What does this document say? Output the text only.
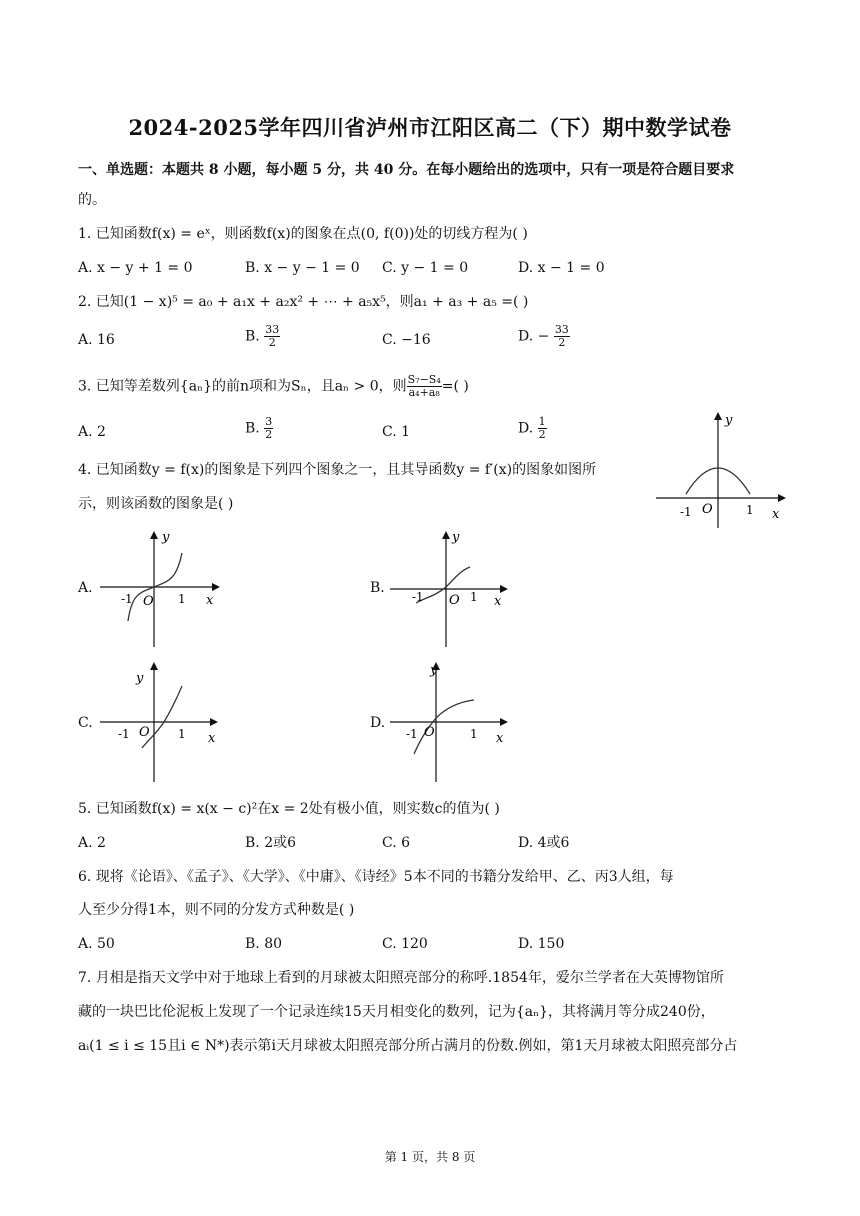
2024-2025学年四川省泸州市江阳区高二（下）期中数学试卷
一、单选题：本题共 8 小题，每小题 5 分，共 40 分。在每小题给出的选项中，只有一项是符合题目要求
的。
1. 已知函数f(x) = eˣ，则函数f(x)的图象在点(0, f(0))处的切线方程为( )
A. x − y + 1 = 0	B. x − y − 1 = 0 C. y − 1 = 0	D. x − 1 = 0
2. 已知(1 − x)⁵ = a₀ + a₁x + a₂x² + ⋯ + a₅x⁵，则a₁ + a₃ + a₅ =( )
A. 16	B. $\frac{33}{2}$	C. −16	D. − $\frac{33}{2}$
3. 已知等差数列{aₙ}的前n项和为Sₙ，且aₙ > 0，则 $\frac{\text{S₇−S₄}}{\text{a₄+a₈}}$ =( )
A. 2	B. $\frac{3}{2}$	C. 1	D. $\frac{1}{2}$
4. 已知函数y = f(x)的图象是下列四个图象之一，且其导函数y = f′(x)的图象如图所
示，则该函数的图象是( )
y
x
O
-1	1
A.
y
x
O
-1	1
B.
y
x
O
-1	1
C.
y
x
O
-1	1
D.
y
x
O
-1	1
5. 已知函数f(x) = x(x − c)²在x = 2处有极小值，则实数c的值为( )
A. 2	B. 2或6	C. 6	D. 4或6
6. 现将《论语》、《孟子》、《大学》、《中庸》、《诗经》5本不同的书籍分发给甲、乙、丙3人组，每
人至少分得1本，则不同的分发方式种数是( )
A. 50	B. 80	C. 120	D. 150
7. 月相是指天文学中对于地球上看到的月球被太阳照亮部分的称呼.1854年，爱尔兰学者在大英博物馆所
藏的一块巴比伦泥板上发现了一个记录连续15天月相变化的数列，记为{aₙ}，其将满月等分成240份，
aᵢ(1 ≤ i ≤ 15且i ∈ N*)表示第i天月球被太阳照亮部分所占满月的份数.例如，第1天月球被太阳照亮部分占
第 1 页，共 8 页
